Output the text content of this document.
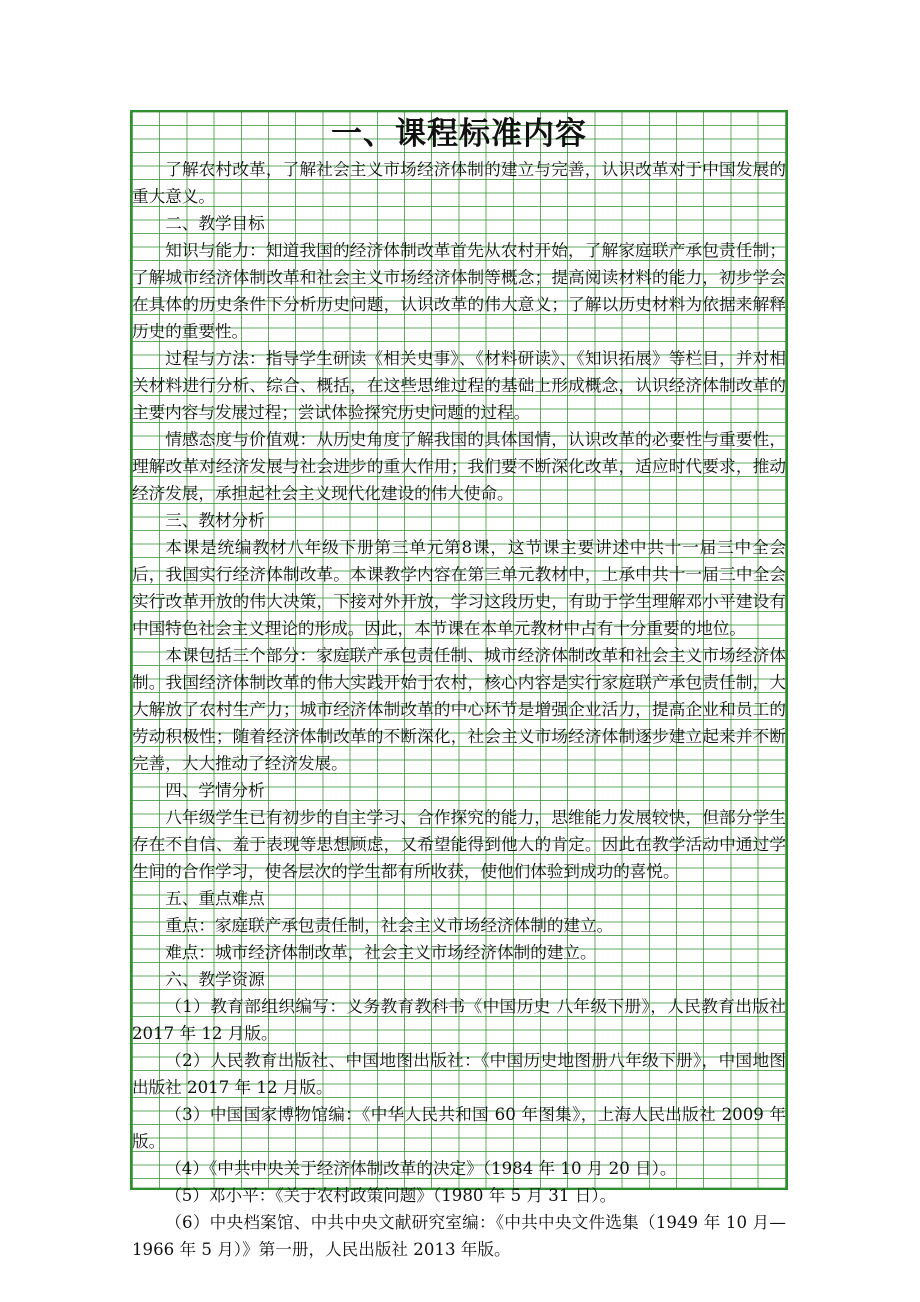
一、课程标准内容

了解农村改革，了解社会主义市场经济体制的建立与完善，认识改革对于中国发展的重大意义。

二、教学目标

知识与能力：知道我国的经济体制改革首先从农村开始，了解家庭联产承包责任制；了解城市经济体制改革和社会主义市场经济体制等概念；提高阅读材料的能力，初步学会在具体的历史条件下分析历史问题，认识改革的伟大意义；了解以历史材料为依据来解释历史的重要性。

过程与方法：指导学生研读《相关史事》、《材料研读》、《知识拓展》等栏目，并对相关材料进行分析、综合、概括，在这些思维过程的基础上形成概念，认识经济体制改革的主要内容与发展过程；尝试体验探究历史问题的过程。

情感态度与价值观：从历史角度了解我国的具体国情，认识改革的必要性与重要性，理解改革对经济发展与社会进步的重大作用；我们要不断深化改革，适应时代要求，推动经济发展，承担起社会主义现代化建设的伟大使命。

三、教材分析

本课是统编教材八年级下册第三单元第8课，这节课主要讲述中共十一届三中全会后，我国实行经济体制改革。本课教学内容在第三单元教材中，上承中共十一届三中全会实行改革开放的伟大决策，下接对外开放，学习这段历史，有助于学生理解邓小平建设有中国特色社会主义理论的形成。因此，本节课在本单元教材中占有十分重要的地位。

本课包括三个部分：家庭联产承包责任制、城市经济体制改革和社会主义市场经济体制。我国经济体制改革的伟大实践开始于农村，核心内容是实行家庭联产承包责任制，大大解放了农村生产力；城市经济体制改革的中心环节是增强企业活力，提高企业和员工的劳动积极性；随着经济体制改革的不断深化，社会主义市场经济体制逐步建立起来并不断完善，大大推动了经济发展。

四、学情分析

八年级学生已有初步的自主学习、合作探究的能力，思维能力发展较快，但部分学生存在不自信、羞于表现等思想顾虑，又希望能得到他人的肯定。因此在教学活动中通过学生间的合作学习，使各层次的学生都有所收获，使他们体验到成功的喜悦。

五、重点难点

重点：家庭联产承包责任制，社会主义市场经济体制的建立。

难点：城市经济体制改革，社会主义市场经济体制的建立。

六、教学资源

（1）教育部组织编写：义务教育教科书《中国历史 八年级下册》，人民教育出版社 2017 年 12 月版。

（2）人民教育出版社、中国地图出版社：《中国历史地图册八年级下册》，中国地图出版社 2017 年 12 月版。

（3）中国国家博物馆编：《中华人民共和国 60 年图集》，上海人民出版社 2009 年版。

（4）《中共中央关于经济体制改革的决定》（1984 年 10 月 20 日）。

（5）邓小平：《关于农村政策问题》（1980 年 5 月 31 日）。

（6）中央档案馆、中共中央文献研究室编：《中共中央文件选集（1949 年 10 月—1966 年 5 月）》第一册，人民出版社 2013 年版。
